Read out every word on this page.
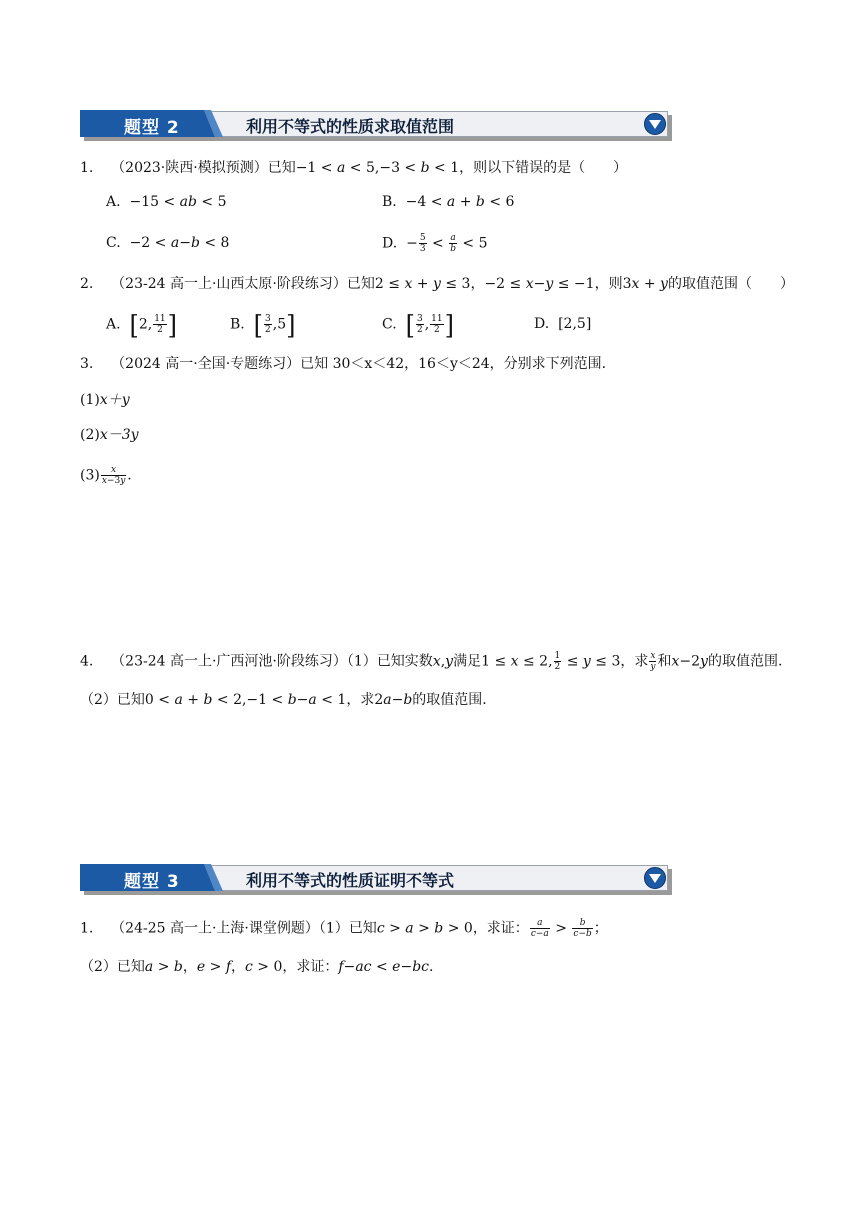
题型 2	利用不等式的性质求取值范围
1. （2023·陕西·模拟预测）已知−1 < a < 5,−3 < b < 1，则以下错误的是（　　）
A.  −15 < ab < 5	B.  −4 < a + b < 6
C.  −2 < a−b < 8	D.  − $\frac{5}{3} < \frac{a}{b} < 5$
2. （23-24 高一上·山西太原·阶段练习）已知2 ≤ x + y ≤ 3，−2 ≤ x−y ≤ −1，则3x + y的取值范围（　　）
A. [2, $\frac{11}{2}$ ]	B. [ $\frac{3}{2} ,5$]	C. [ $\frac{3}{2}$ , $\frac{11}{2}$ ]	D. [2,5]
3. （2024 高一·全国·专题练习）已知 30＜x＜42，16＜y＜24，分别求下列范围.
(1)x＋y
(2)x－3y
$(3) \frac{x}{x-3y}$ .
4. （23-24 高一上·广西河池·阶段练习）（1）已知实数x,y满足1 ≤ x ≤ 2, $\frac{1}{2} \le y \le 3$，求 $\frac{x}{y}$ 和x−2y的取值范围.
（2）已知0 < a + b < 2,−1 < b−a < 1，求2a−b的取值范围.
题型 3	利用不等式的性质证明不等式
1. （24-25 高一上·上海·课堂例题）（1）已知c > a > b > 0，求证： $\frac{a}{c-a} > \frac{b}{c-b}$ ；
（2）已知a > b，e > f，c > 0，求证：f−ac < e−bc.
